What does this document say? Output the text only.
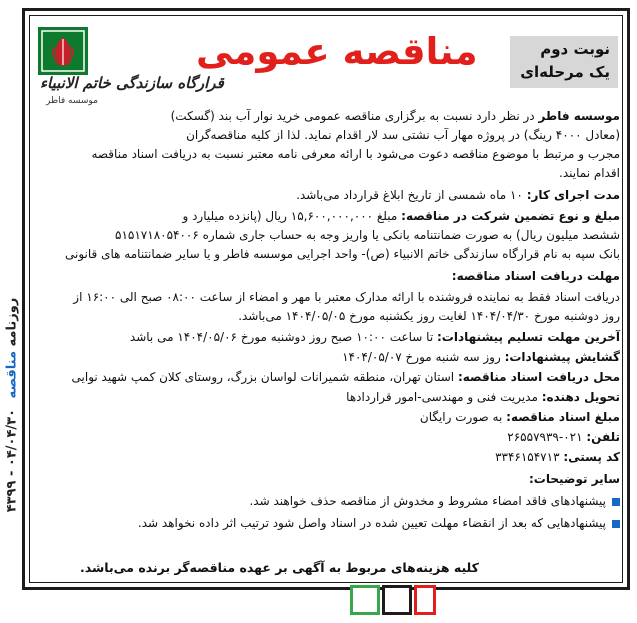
روزنامه مناقصه ۰۴/۰۴/۳۰ - ۴۳۹۹
نوبت دوم
یک مرحله‌ای
مناقصه عمومی
قرارگاه سازندگی خاتم الانبیاء
موسسه فاطر
موسسه فاطر در نظر دارد نسبت به برگزاری مناقصه عمومی خرید نوار آب بند (گسکت)
(معادل ۴۰۰۰ رینگ) در پروژه مهار آب نشتی سد لار اقدام نماید. لذا از کلیه مناقصه‌گران
مجرب و مرتبط با موضوع مناقصه دعوت می‌شود با ارائه معرفی نامه معتبر نسبت به دریافت اسناد مناقصه
اقدام نمایند.
مدت اجرای کار: ۱۰ ماه شمسی از تاریخ ابلاغ قرارداد می‌باشد.
مبلغ و نوع تضمین شرکت در مناقصه: مبلغ ۱۵,۶۰۰,۰۰۰,۰۰۰ ریال (پانزده میلیارد و
ششصد میلیون ریال) به صورت ضمانتنامه بانکی یا واریز وجه به حساب جاری شماره ۵۱۵۱۷۱۸۰۵۴۰۰۶
بانک سپه به نام قرارگاه سازندگی خاتم الانبیاء (ص)- واحد اجرایی موسسه فاطر و یا سایر ضمانتنامه های قانونی
مهلت دریافت اسناد مناقصه:
دریافت اسناد فقط به نماینده فروشنده با ارائه مدارک معتبر با مهر و امضاء از ساعت ۰۸:۰۰ صبح الی ۱۶:۰۰ از
روز دوشنبه مورخ ۱۴۰۴/۰۴/۳۰ لغایت روز یکشنبه مورخ ۱۴۰۴/۰۵/۰۵ می‌باشد.
آخرین مهلت تسلیم پیشنهادات: تا ساعت ۱۰:۰۰ صبح روز دوشنبه مورخ ۱۴۰۴/۰۵/۰۶ می باشد
گشایش پیشنهادات: روز سه شنبه مورخ ۱۴۰۴/۰۵/۰۷
محل دریافت اسناد مناقصه: استان تهران، منطقه شمیرانات لواسان بزرگ، روستای کلان کمپ شهید نوایی
تحویل دهنده: مدیریت فنی و مهندسی-امور قراردادها
مبلغ اسناد مناقصه: به صورت رایگان
تلفن: ۰۲۱-۲۶۵۵۷۹۳۹
کد پستی: ۳۳۴۶۱۵۴۷۱۳
سایر توضیحات:
پیشنهادهای فاقد امضاء مشروط و مخدوش از مناقصه حذف خواهند شد.
پیشنهادهایی که بعد از انقضاء مهلت تعیین شده در اسناد واصل شود ترتیب اثر داده نخواهد شد.
کلیه هزینه‌های مربوط به آگهی بر عهده مناقصه‌گر برنده می‌باشد.
